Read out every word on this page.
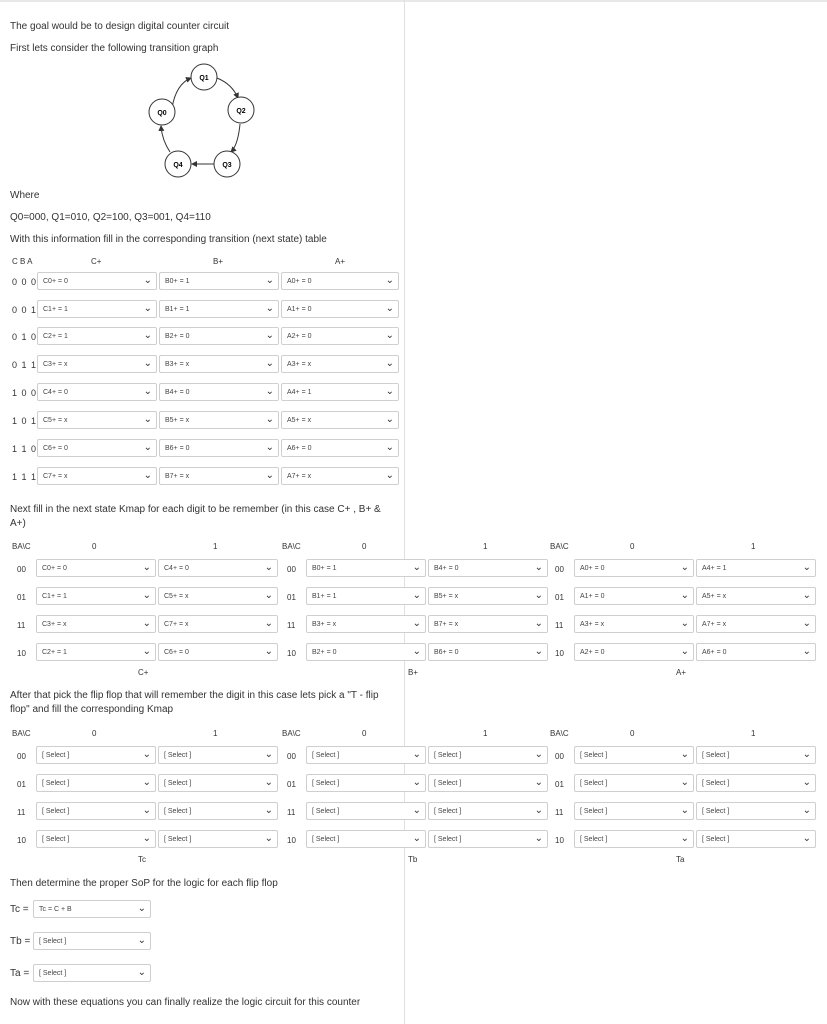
The goal would be to design digital counter circuit
First lets consider the following transition graph
Q1
Q0	Q2
Q4	Q3
Where
Q0=000, Q1=010, Q2=100, Q3=001, Q4=110
With this information fill in the corresponding transition (next state) table
C B A	C+	B+	A+
0 0 0 C0+ = 0	⌄ B0+ = 1	⌄ A0+ = 0	⌄
0 0 1 C1+ = 1	⌄ B1+ = 1	⌄ A1+ = 0	⌄
0 1 0 C2+ = 1	⌄ B2+ = 0	⌄ A2+ = 0	⌄
0 1 1 C3+ = x	⌄ B3+ = x	⌄ A3+ = x	⌄
1 0 0 C4+ = 0	⌄ B4+ = 0	⌄ A4+ = 1	⌄
1 0 1 C5+ = x	⌄ B5+ = x	⌄ A5+ = x	⌄
1 1 0 C6+ = 0	⌄ B6+ = 0	⌄ A6+ = 0	⌄
1 1 1 C7+ = x	⌄ B7+ = x	⌄ A7+ = x	⌄
Next fill in the next state Kmap for each digit to be remember (in this case C+ , B+ & A+)
BA\C	0	1
00 C0+ = 0	⌄ C4+ = 0	⌄
01 C1+ = 1	⌄ C5+ = x	⌄
11 C3+ = x	⌄ C7+ = x	⌄
10 C2+ = 1	⌄ C6+ = 0	⌄
C+
BA\C	0	1
00 B0+ = 1	⌄ B4+ = 0	⌄
01 B1+ = 1	⌄ B5+ = x	⌄
11 B3+ = x	⌄ B7+ = x	⌄
10 B2+ = 0	⌄ B6+ = 0	⌄
B+
BA\C	0	1
00 A0+ = 0	⌄ A4+ = 1	⌄
01 A1+ = 0	⌄ A5+ = x	⌄
11 A3+ = x	⌄ A7+ = x	⌄
10 A2+ = 0	⌄ A6+ = 0	⌄
A+
After that pick the flip flop that will remember the digit in this case lets pick a "T - flip flop" and fill the corresponding Kmap
BA\C	0	1
00 [ Select ]	⌄ [ Select ]	⌄
01 [ Select ]	⌄ [ Select ]	⌄
11 [ Select ]	⌄ [ Select ]	⌄
10 [ Select ]	⌄ [ Select ]	⌄
Tc
BA\C	0	1
00 [ Select ]	⌄ [ Select ]	⌄
01 [ Select ]	⌄ [ Select ]	⌄
11 [ Select ]	⌄ [ Select ]	⌄
10 [ Select ]	⌄ [ Select ]	⌄
Tb
BA\C	0	1
00 [ Select ]	⌄ [ Select ]	⌄
01 [ Select ]	⌄ [ Select ]	⌄
11 [ Select ]	⌄ [ Select ]	⌄
10 [ Select ]	⌄ [ Select ]	⌄
Ta
Then determine the proper SoP for the logic for each flip flop
Tc = Tc = C + B	⌄
Tb = [ Select ]	⌄
Ta = [ Select ]	⌄
Now with these equations you can finally realize the logic circuit for this counter
